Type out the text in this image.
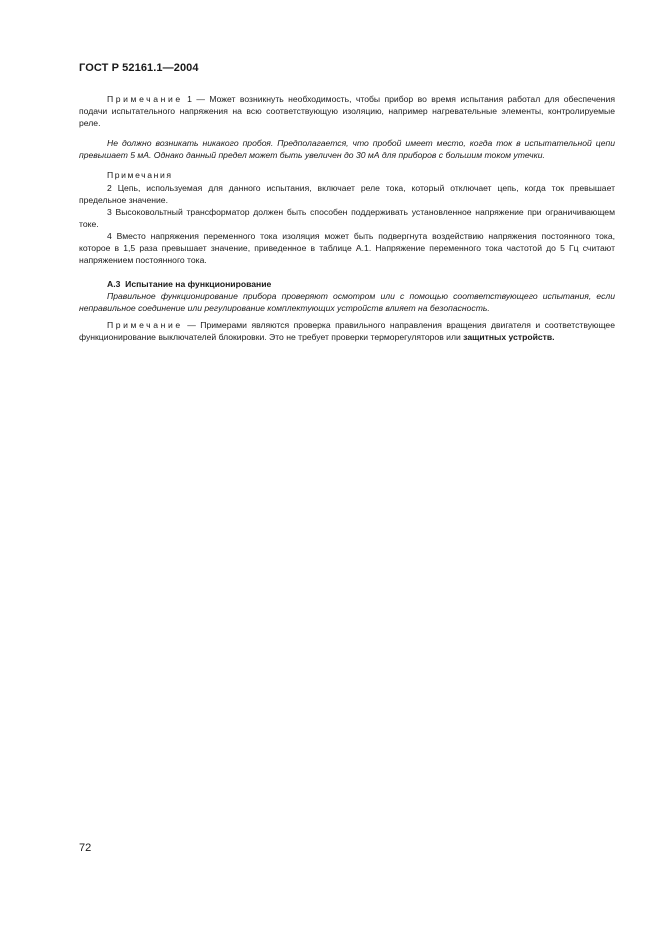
ГОСТ Р 52161.1—2004

Примечание 1 — Может возникнуть необходимость, чтобы прибор во время испытания работал для обеспечения подачи испытательного напряжения на всю соответствующую изоляцию, например нагревательные элементы, контролируемые реле.

Не должно возникать никакого пробоя. Предполагается, что пробой имеет место, когда ток в испытательной цепи превышает 5 мА. Однако данный предел может быть увеличен до 30 мА для приборов с большим током утечки.

Примечания

2 Цепь, используемая для данного испытания, включает реле тока, который отключает цепь, когда ток превышает предельное значение.

3 Высоковольтный трансформатор должен быть способен поддерживать установленное напряжение при ограничивающем токе.

4 Вместо напряжения переменного тока изоляция может быть подвергнута воздействию напряжения постоянного тока, которое в 1,5 раза превышает значение, приведенное в таблице А.1. Напряжение переменного тока частотой до 5 Гц считают напряжением постоянного тока.

А.3 Испытание на функционирование

Правильное функционирование прибора проверяют осмотром или с помощью соответствующего испытания, если неправильное соединение или регулирование комплектующих устройств влияет на безопасность.

Примечание — Примерами являются проверка правильного направления вращения двигателя и соответствующее функционирование выключателей блокировки. Это не требует проверки терморегуляторов или защитных устройств.

72
